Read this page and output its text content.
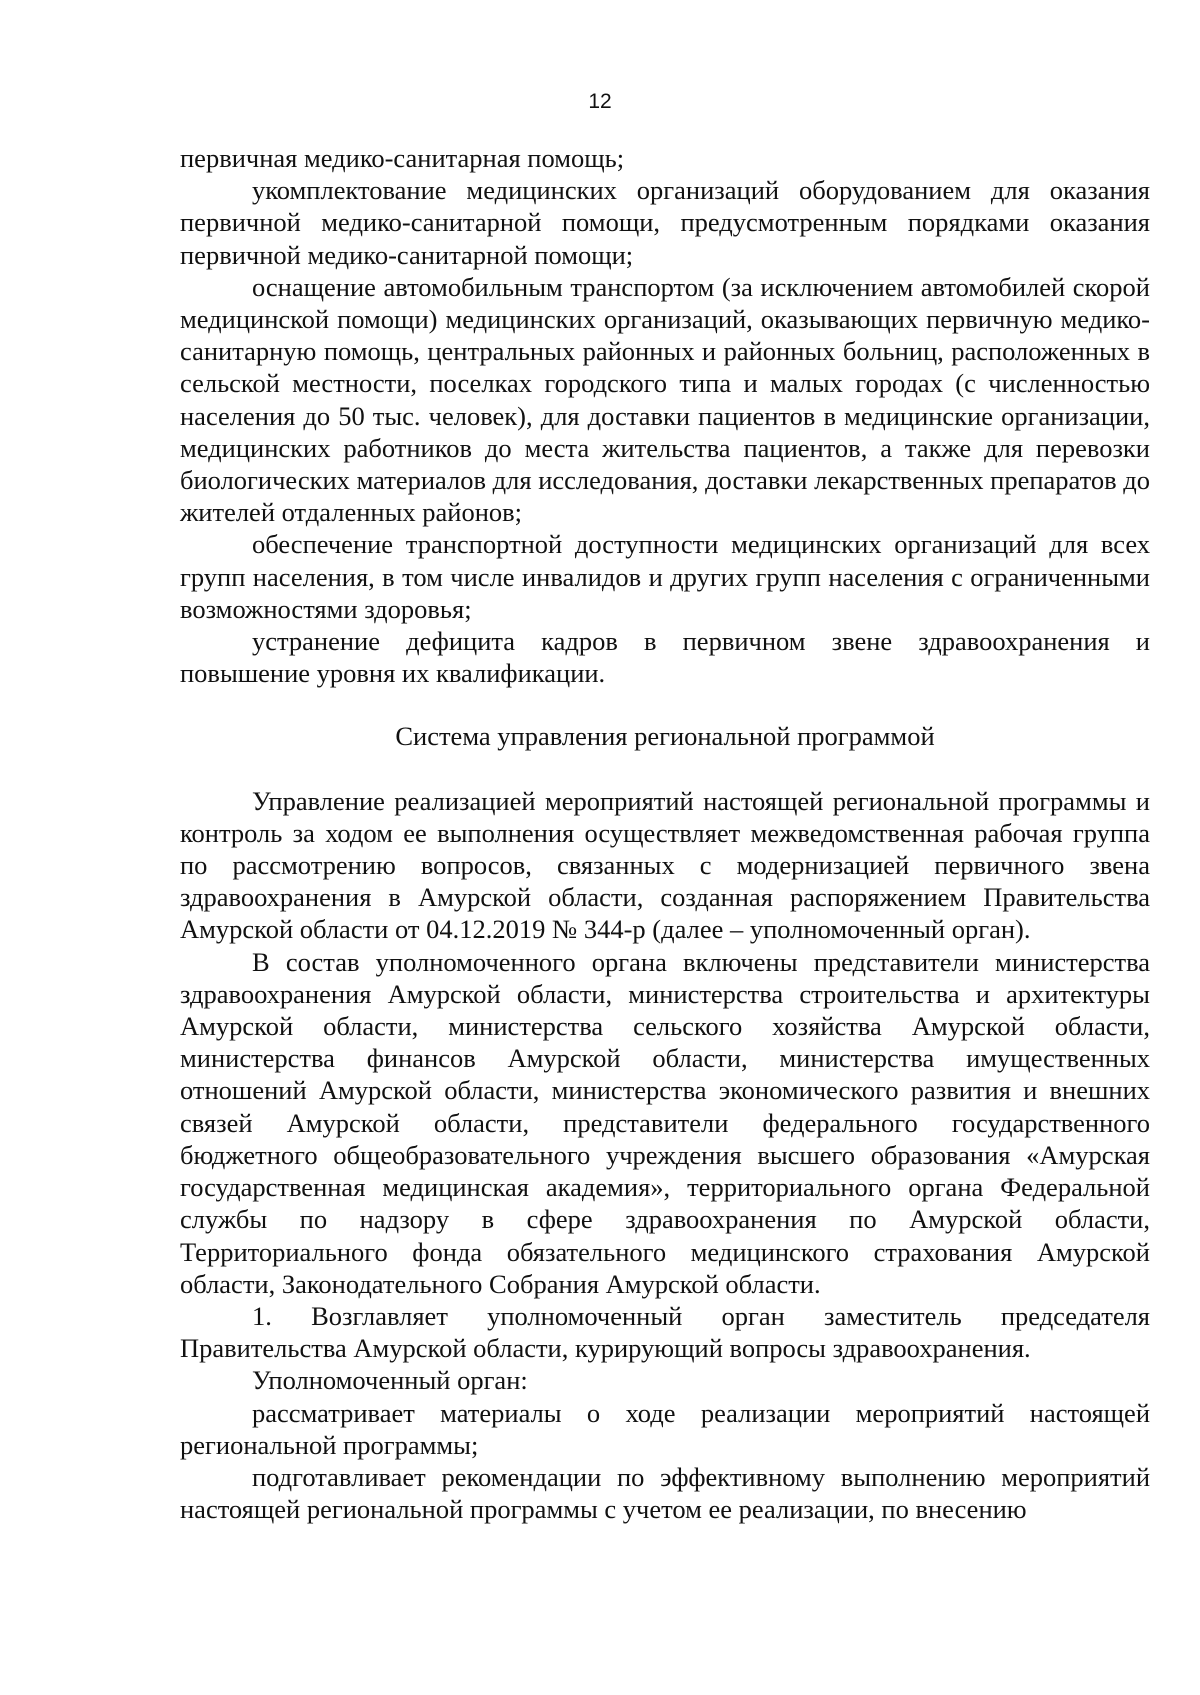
12

первичная медико-санитарная помощь;

укомплектование медицинских организаций оборудованием для оказания первичной медико-санитарной помощи, предусмотренным порядками оказания первичной медико-санитарной помощи;

оснащение автомобильным транспортом (за исключением автомобилей скорой медицинской помощи) медицинских организаций, оказывающих первичную медико-санитарную помощь, центральных районных и районных больниц, расположенных в сельской местности, поселках городского типа и малых городах (с численностью населения до 50 тыс. человек), для доставки пациентов в медицинские организации, медицинских работников до места жительства пациентов, а также для перевозки биологических материалов для исследования, доставки лекарственных препаратов до жителей отдаленных районов;

обеспечение транспортной доступности медицинских организаций для всех групп населения, в том числе инвалидов и других групп населения с ограниченными возможностями здоровья;

устранение дефицита кадров в первичном звене здравоохранения и повышение уровня их квалификации.

Система управления региональной программой

Управление реализацией мероприятий настоящей региональной программы и контроль за ходом ее выполнения осуществляет межведомственная рабочая группа по рассмотрению вопросов, связанных с модернизацией первичного звена здравоохранения в Амурской области, созданная распоряжением Правительства Амурской области от 04.12.2019 № 344-р (далее – уполномоченный орган).

В состав уполномоченного органа включены представители министерства здравоохранения Амурской области, министерства строительства и архитектуры Амурской области, министерства сельского хозяйства Амурской области, министерства финансов Амурской области, министерства имущественных отношений Амурской области, министерства экономического развития и внешних связей Амурской области, представители федерального государственного бюджетного общеобразовательного учреждения высшего образования «Амурская государственная медицинская академия», территориального органа Федеральной службы по надзору в сфере здравоохранения по Амурской области, Территориального фонда обязательного медицинского страхования Амурской области, Законодательного Собрания Амурской области.

1. Возглавляет уполномоченный орган заместитель председателя Правительства Амурской области, курирующий вопросы здравоохранения.

Уполномоченный орган:

рассматривает материалы о ходе реализации мероприятий настоящей региональной программы;

подготавливает рекомендации по эффективному выполнению мероприятий настоящей региональной программы с учетом ее реализации, по внесению
